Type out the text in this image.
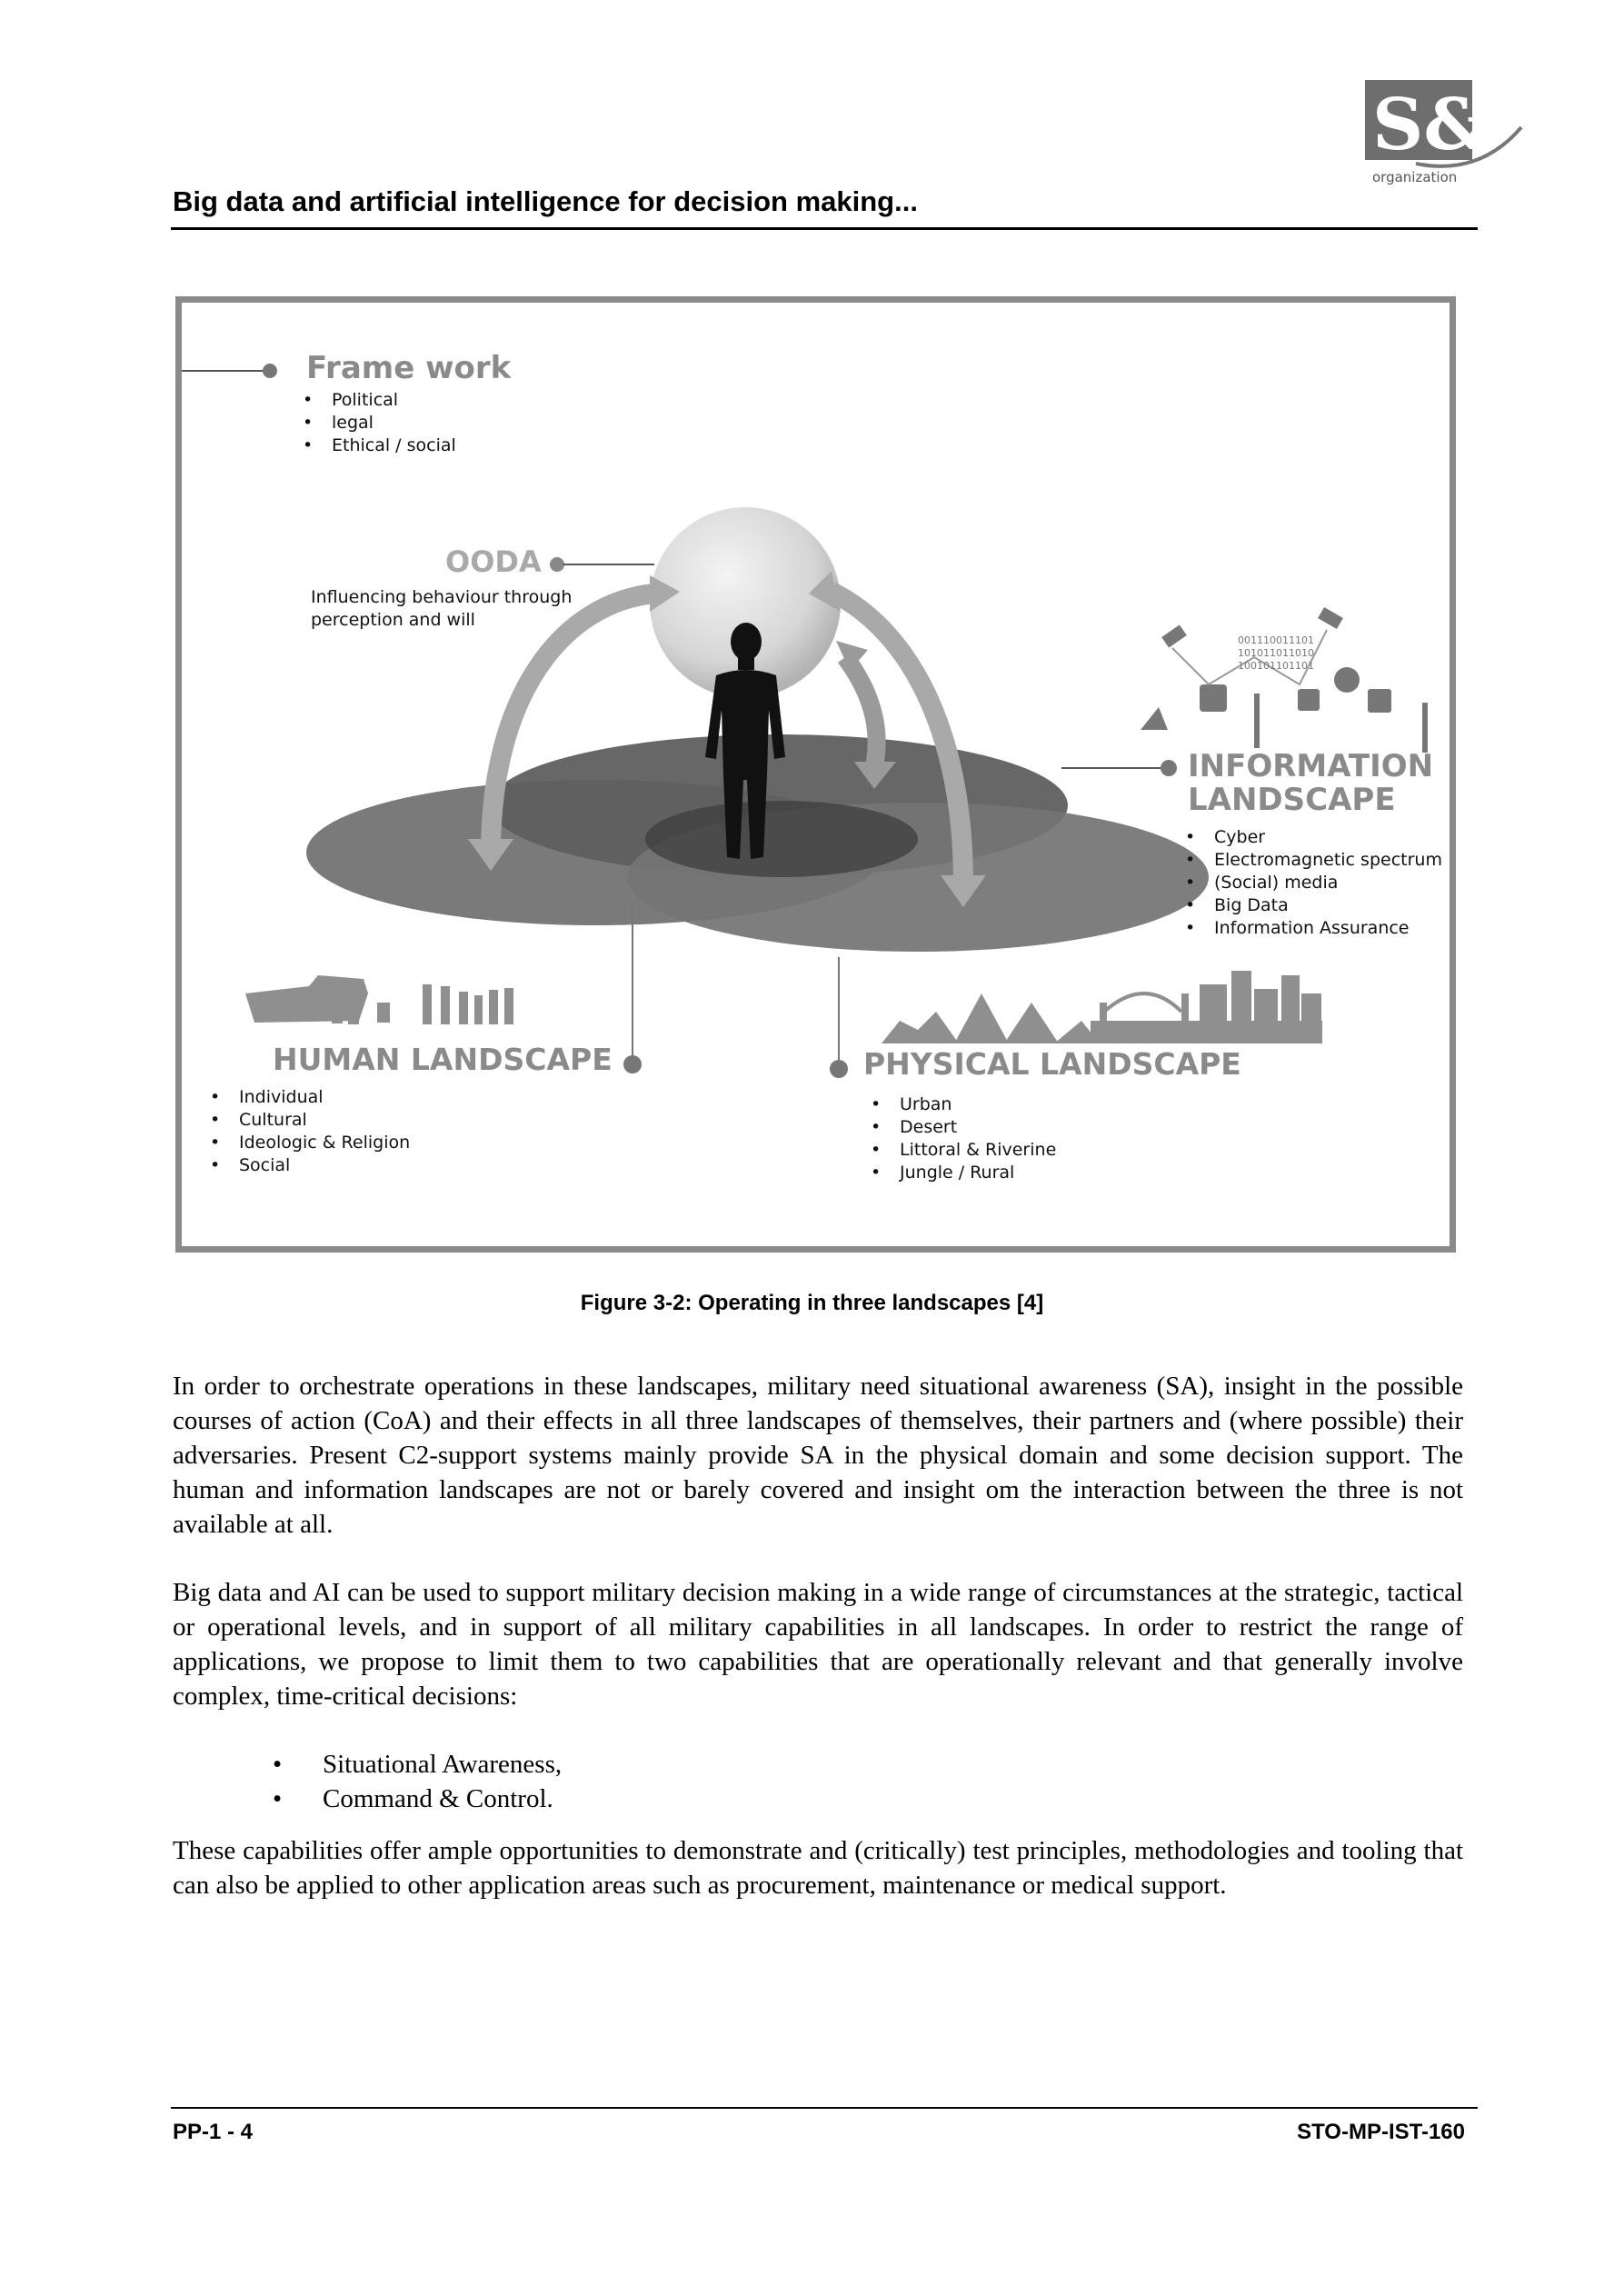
S&T
organization
Big data and artificial intelligence for decision making...
001110011101
101011011010
100101101101
Frame work
• Political
• legal
• Ethical / social
OODA

Influencing behaviour through
perception and will

INFORMATION
LANDSCAPE
• Cyber
• Electromagnetic spectrum
• (Social) media
• Big Data
• Information Assurance
HUMAN LANDSCAPE
• Individual
• Cultural
• Ideologic & Religion
• Social
PHYSICAL LANDSCAPE
• Urban
• Desert
• Littoral & Riverine
• Jungle / Rural

Figure 3-2: Operating in three landscapes [4]

In order to orchestrate operations in these landscapes, military need situational awareness (SA), insight in the possible courses of action (CoA) and their effects in all three landscapes of themselves, their partners and (where possible) their adversaries. Present C2-support systems mainly provide SA in the physical domain and some decision support. The human and information landscapes are not or barely covered and insight om the interaction between the three is not available at all.

Big data and AI can be used to support military decision making in a wide range of circumstances at the strategic, tactical or operational levels, and in support of all military capabilities in all landscapes. In order to restrict the range of applications, we propose to limit them to two capabilities that are operationally relevant and that generally involve complex, time-critical decisions:

• Situational Awareness,
• Command & Control.

These capabilities offer ample opportunities to demonstrate and (critically) test principles, methodologies and tooling that can also be applied to other application areas such as procurement, maintenance or medical support.

PP-1 - 4	STO-MP-IST-160
